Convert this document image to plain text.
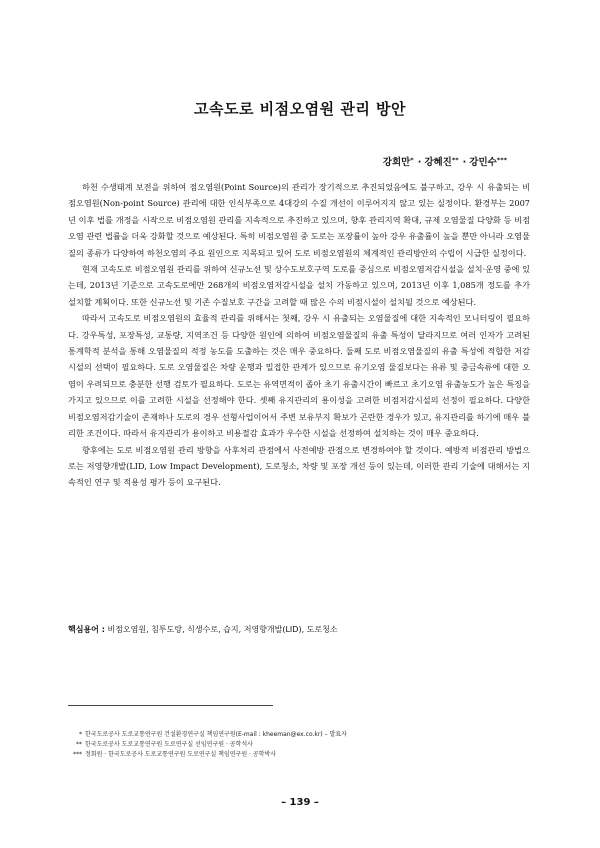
고속도로 비점오염원 관리 방안
강희만* · 강혜진** · 강민수***

하천 수생태계 보전을 위하여 점오염원(Point Source)의 관리가 장기적으로 추진되었음에도 불구하고, 강우 시 유출되는 비점오염원(Non-point Source) 관리에 대한 인식부족으로 4대강의 수질 개선이 이루어지지 않고 있는 실정이다. 환경부는 2007년 이후 법를 개정을 시작으로 비점오염원 관리를 지속적으로 추진하고 있으며, 향후 관리지역 확대, 규제 오염물질 다양화 등 비점오염 관련 법률을 더욱 강화할 것으로 예상된다. 특히 비점오염원 중 도로는 포장률이 높아 강우 유출률이 높을 뿐만 아니라 오염물질의 종류가 다양하여 하천오염의 주요 원인으로 지목되고 있어 도로 비점오염원의 체계적인 관리방안의 수립이 시급한 실정이다.

현재 고속도로 비점오염원 관리를 위하여 신규노선 및 상수도보호구역 도로를 중심으로 비점오염저감시설을 설치·운영 중에 있는데, 2013년 기준으로 고속도로에만 268개의 비점오염저감시설을 설치 가동하고 있으며, 2013년 이후 1,085개 정도를 추가 설치할 계획이다. 또한 신규노선 및 기존 수질보호 구간을 고려할 때 많은 수의 비점시설이 설치될 것으로 예상된다.

따라서 고속도로 비점오염원의 효율적 관리를 위해서는 첫째, 강우 시 유출되는 오염물질에 대한 지속적인 모니터링이 필요하다. 강우특성, 포장특성, 교통량, 지역조건 등 다양한 원인에 의하여 비점오염물질의 유출 특성이 달라지므로 여러 인자가 고려된 통계학적 분석을 통해 오염물질의 적정 농도를 도출하는 것은 매우 중요하다. 둘째 도로 비점오염물질의 유출 특성에 적합한 저감시설의 선택이 필요하다. 도로 오염물질은 차량 운행과 밀접한 관계가 있으므로 유기오염 물질보다는 유류 및 중금속류에 대한 오염이 우려되므로 충분한 선행 검토가 필요하다. 도로는 유역면적이 좁아 초기 유출시간이 빠르고 초기오염 유출농도가 높은 특징을 가지고 있으므로 이를 고려한 시설을 선정해야 한다. 셋째 유지관리의 용이성을 고려한 비점저감시설의 선정이 필요하다. 다양한 비점오염저감기술이 존재하나 도로의 경우 선형사업이어서 주변 보유부지 확보가 곤란한 경우가 있고, 유지관리를 하기에 매우 불리한 조건이다. 따라서 유지관리가 용이하고 비용절감 효과가 우수한 시설을 선정하여 설치하는 것이 매우 중요하다.

향후에는 도로 비점오염원 관리 방향을 사후처리 관점에서 사전예방 관점으로 변경하여야 할 것이다. 예방적 비점관리 방법으로는 저영향개발(LID, Low Impact Development), 도로청소, 차량 및 포장 개선 등이 있는데, 이러한 관리 기술에 대해서는 지속적인 연구 및 적용성 평가 등이 요구된다.

핵심용어 : 비점오염원, 침투도랑, 식생수로, 습지, 저영향개발(LID), 도로청소
* 한국도로공사 도로교통연구원 건설환경연구실 책임연구원(E-mail : kheeman@ex.co.kr) – 발표자
** 한국도로공사 도로교통연구원 도로연구실 선임연구원 · 공학석사
*** 정회원 · 한국도로공사 도로교통연구원 도로연구실 책임연구원 · 공학박사
– 139 –
